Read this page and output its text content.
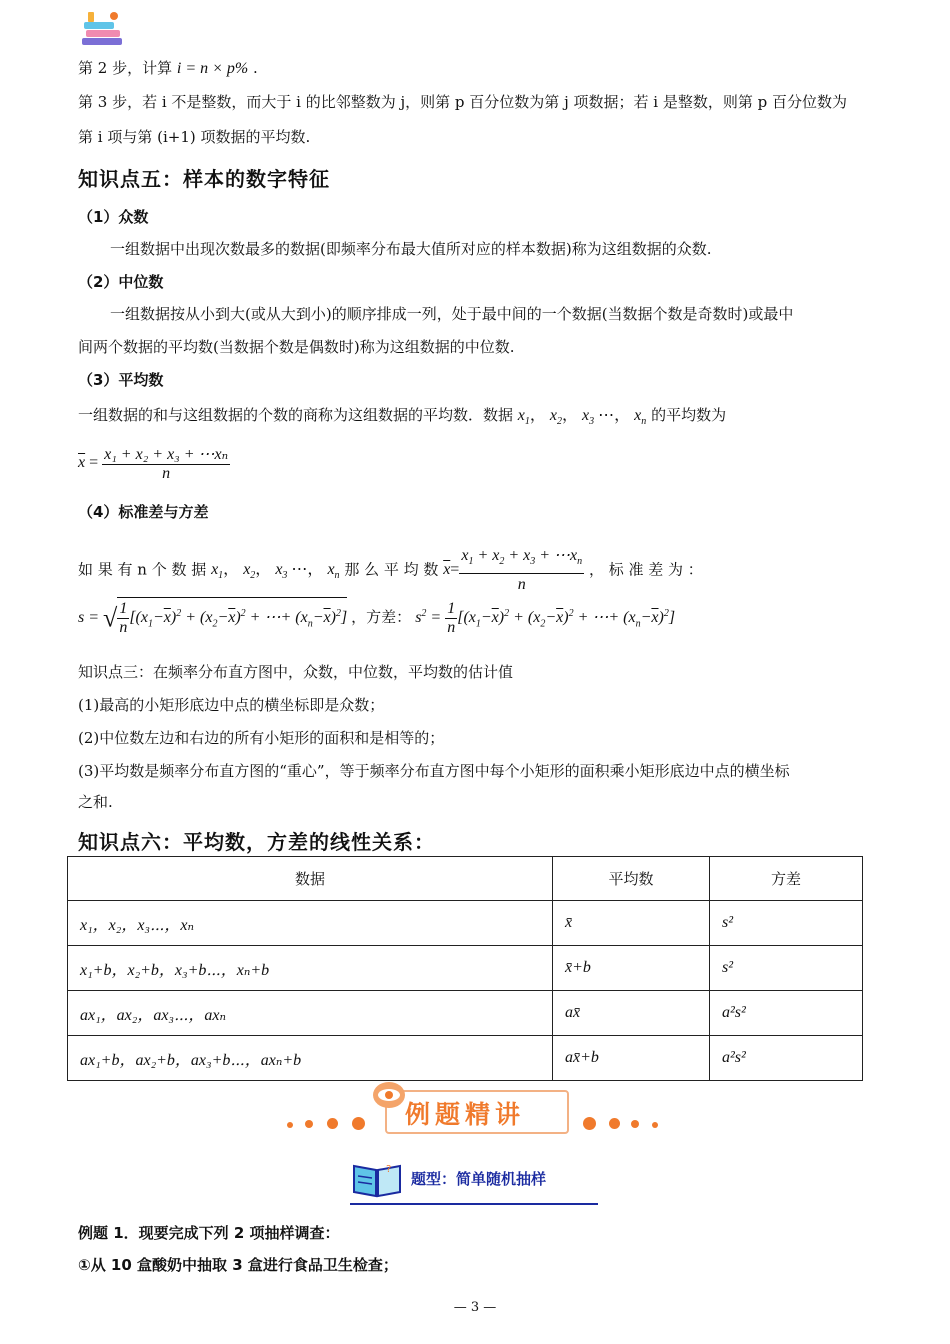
第 2 步，计算 i = n × p% .
第 3 步，若 i 不是整数，而大于 i 的比邻整数为 j，则第 p 百分位数为第 j 项数据；若 i 是整数，则第 p 百分位数为
第 i 项与第 (i+1) 项数据的平均数.
知识点五：样本的数字特征
（1）众数
一组数据中出现次数最多的数据(即频率分布最大值所对应的样本数据)称为这组数据的众数.
（2）中位数
一组数据按从小到大(或从大到小)的顺序排成一列，处于最中间的一个数据(当数据个数是奇数时)或最中
间两个数据的平均数(当数据个数是偶数时)称为这组数据的中位数.
（3）平均数
一组数据的和与这组数据的个数的商称为这组数据的平均数．数据 $x_1$， $x_2$， $x_3$ ⋯， $x_n$ 的平均数为
$\overline{x} = \frac{\text{x₁ + x₂ + x₃ + ⋯xₙ}}{n}$
（4）标准差与方差
如 果 有 n 个 数 据 $x_1$， $x_2$， $x_3$ ⋯， $x_n$ 那 么 平 均 数 $\overline{x}= \frac{x_1 + x_2 + x_3 + \cdots x_n}{n}$ ， 标 准 差 为 ：
s = √ $\frac{1}{n} [(x_1-\overline{x})^2 + (x_2-\overline{x})^2$ + ⋯+ $(x_n-\overline{x})^2$] ，方差： $s^2 = \frac{1}{n} [(x_1-\overline{x})^2 + (x_2-\overline{x})^2$ + ⋯+ $(x_n-\overline{x})^2$]
知识点三：在频率分布直方图中，众数，中位数，平均数的估计值
(1)最高的小矩形底边中点的横坐标即是众数；
(2)中位数左边和右边的所有小矩形的面积和是相等的；
(3)平均数是频率分布直方图的“重心”，等于频率分布直方图中每个小矩形的面积乘小矩形底边中点的横坐标
之和.
知识点六：平均数，方差的线性关系：
数据	平均数	方差
x₁，x₂，x₃⋯，xₙ	x̄	s²
x₁+b，x₂+b，x₃+b⋯，xₙ+b	x̄+b	s²
ax₁，ax₂，ax₃⋯，axₙ	ax̄	a²s²
ax₁+b，ax₂+b，ax₃+b⋯，axₙ+b	ax̄+b	a²s²
例题精讲
?
题型：简单随机抽样
例题 1．现要完成下列 2 项抽样调查：
①从 10 盒酸奶中抽取 3 盒进行食品卫生检查；
— 3 —
